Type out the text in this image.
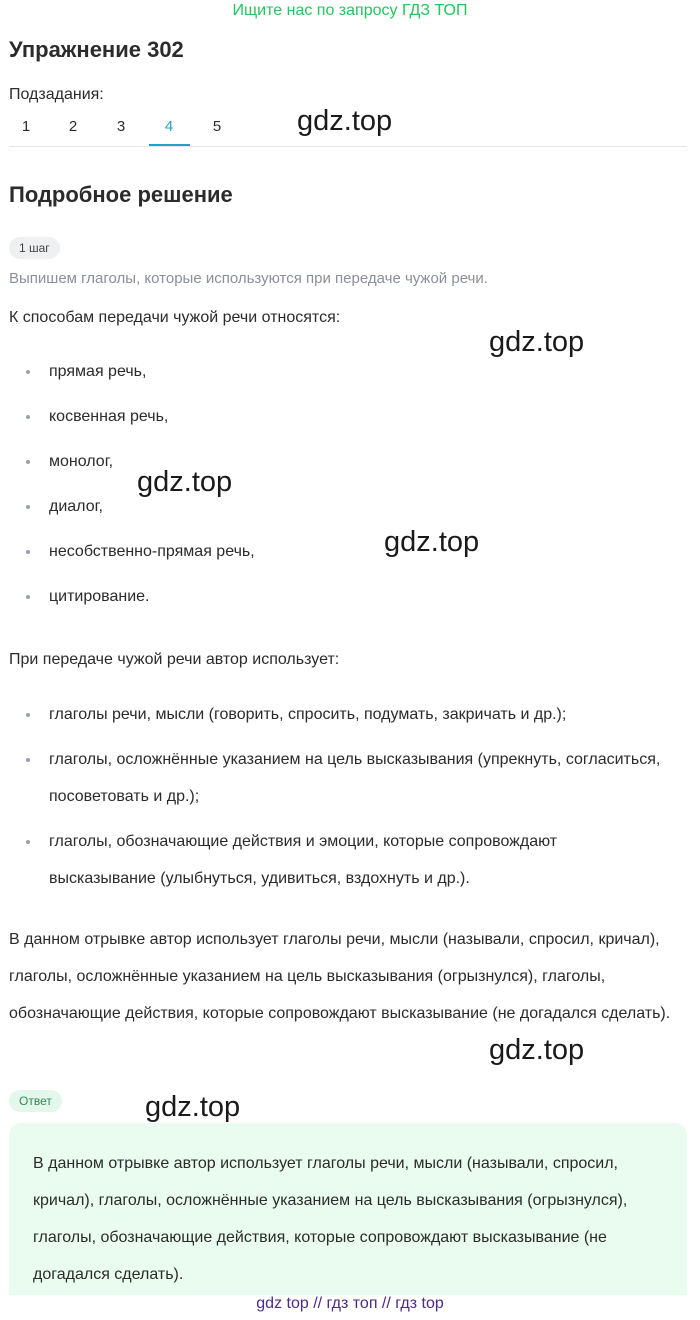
Ищите нас по запросу ГДЗ ТОП
Упражнение 302
Подзадания:
1	2	3	4	5
Подробное решение
1 шаг
Выпишем глаголы, которые используются при передаче чужой речи.
К способам передачи чужой речи относятся:
прямая речь,
косвенная речь,
монолог,
диалог,
несобственно-прямая речь,
цитирование.
При передаче чужой речи автор использует:
глаголы речи, мысли (говорить, спросить, подумать, закричать и др.);
глаголы, осложнённые указанием на цель высказывания (упрекнуть, согласиться, посоветовать и др.);
глаголы, обозначающие действия и эмоции, которые сопровождают высказывание (улыбнуться, удивиться, вздохнуть и др.).
В данном отрывке автор использует глаголы речи, мысли (называли, спросил, кричал), глаголы, осложнённые указанием на цель высказывания (огрызнулся), глаголы, обозначающие действия, которые сопровождают высказывание (не догадался сделать).
Ответ
В данном отрывке автор использует глаголы речи, мысли (называли, спросил, кричал), глаголы, осложнённые указанием на цель высказывания (огрызнулся), глаголы, обозначающие действия, которые сопровождают высказывание (не догадался сделать).
gdz top // гдз топ // гдз top
gdz.top
gdz.top
gdz.top
gdz.top
gdz.top
gdz.top
